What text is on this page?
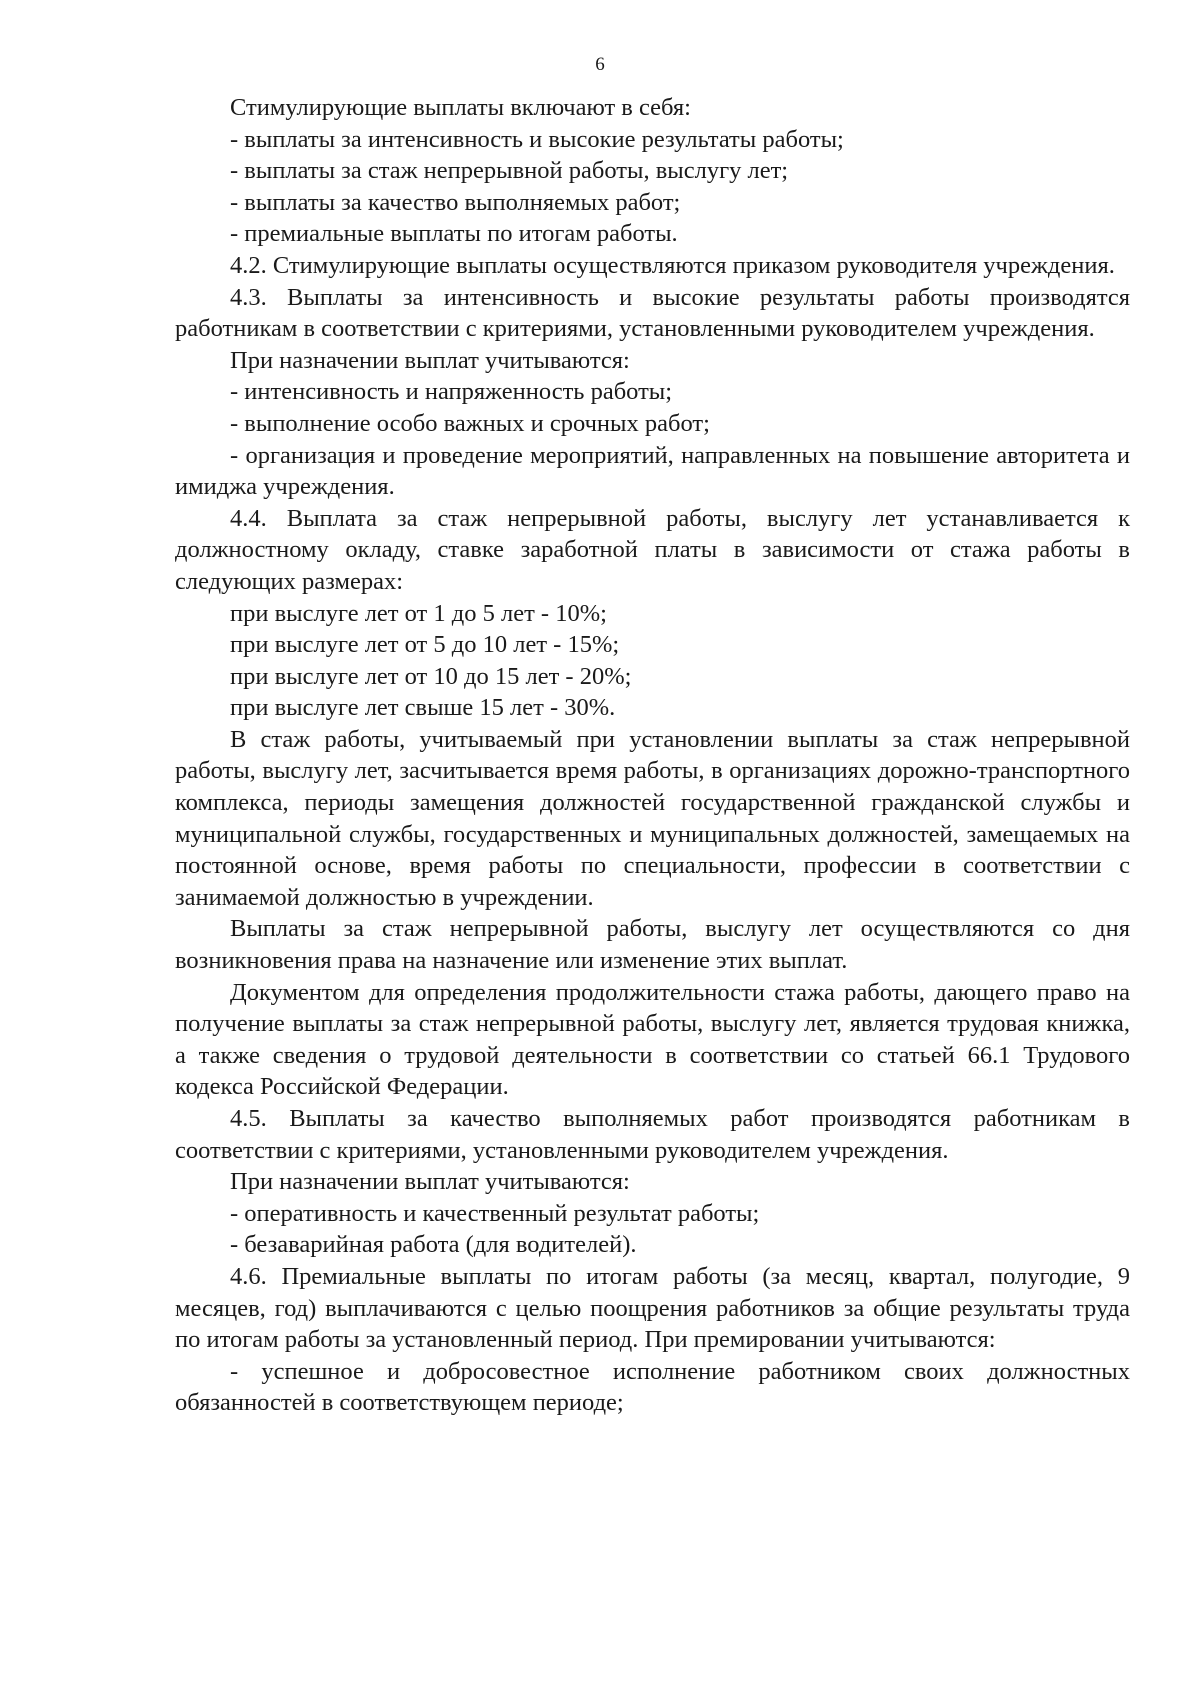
6

Стимулирующие выплаты включают в себя:

- выплаты за интенсивность и высокие результаты работы;

- выплаты за стаж непрерывной работы, выслугу лет;

- выплаты за качество выполняемых работ;

- премиальные выплаты по итогам работы.

4.2. Стимулирующие выплаты осуществляются приказом руководителя учреждения.

4.3. Выплаты за интенсивность и высокие результаты работы производятся работникам в соответствии с критериями, установленными руководителем учреждения.

При назначении выплат учитываются:

- интенсивность и напряженность работы;

- выполнение особо важных и срочных работ;

- организация и проведение мероприятий, направленных на повышение авторитета и имиджа учреждения.

4.4. Выплата за стаж непрерывной работы, выслугу лет устанавливается к должностному окладу, ставке заработной платы в зависимости от стажа работы в следующих размерах:

при выслуге лет от 1 до 5 лет - 10%;

при выслуге лет от 5 до 10 лет - 15%;

при выслуге лет от 10 до 15 лет - 20%;

при выслуге лет свыше 15 лет - 30%.

В стаж работы, учитываемый при установлении выплаты за стаж непрерывной работы, выслугу лет, засчитывается время работы, в организациях дорожно-транспортного комплекса, периоды замещения должностей государственной гражданской службы и муниципальной службы, государственных и муниципальных должностей, замещаемых на постоянной основе, время работы по специальности, профессии в соответствии с занимаемой должностью в учреждении.

Выплаты за стаж непрерывной работы, выслугу лет осуществляются со дня возникновения права на назначение или изменение этих выплат.

Документом для определения продолжительности стажа работы, дающего право на получение выплаты за стаж непрерывной работы, выслугу лет, является трудовая книжка, а также сведения о трудовой деятельности в соответствии со статьей 66.1 Трудового кодекса Российской Федерации.

4.5. Выплаты за качество выполняемых работ производятся работникам в соответствии с критериями, установленными руководителем учреждения.

При назначении выплат учитываются:

- оперативность и качественный результат работы;

- безаварийная работа (для водителей).

4.6. Премиальные выплаты по итогам работы (за месяц, квартал, полугодие, 9 месяцев, год) выплачиваются с целью поощрения работников за общие результаты труда по итогам работы за установленный период. При премировании учитываются:

- успешное и добросовестное исполнение работником своих должностных обязанностей в соответствующем периоде;
